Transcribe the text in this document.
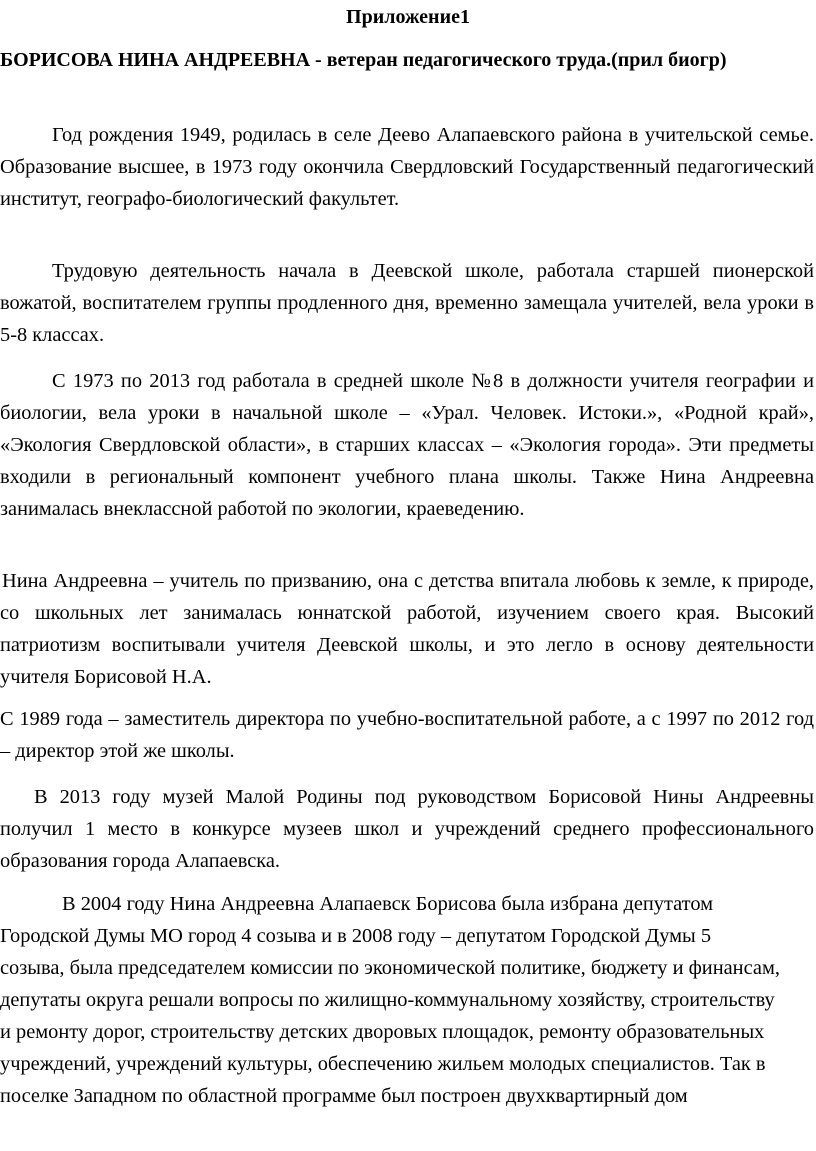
Приложение1

БОРИСОВА НИНА АНДРЕЕВНА - ветеран педагогического труда.(прил биогр)

Год рождения 1949, родилась в селе Деево Алапаевского района в учительской семье. Образование высшее, в 1973 году окончила Свердловский Государственный педагогический институт, географо-биологический факультет.

Трудовую деятельность начала в Деевской школе, работала старшей пионерской вожатой, воспитателем группы продленного дня, временно замещала учителей, вела уроки в 5-8 классах.

С 1973 по 2013 год работала в средней школе №8 в должности учителя географии и биологии, вела уроки в начальной школе – «Урал. Человек. Истоки.», «Родной край», «Экология Свердловской области», в старших классах – «Экология города». Эти предметы входили в региональный компонент учебного плана школы. Также Нина Андреевна занималась внеклассной работой по экологии, краеведению.

Нина Андреевна – учитель по призванию, она с детства впитала любовь к земле, к природе, со школьных лет занималась юннатской работой, изучением своего края. Высокий патриотизм воспитывали учителя Деевской школы, и это легло в основу деятельности учителя Борисовой Н.А.

С 1989 года – заместитель директора по учебно-воспитательной работе, а с 1997 по 2012 год – директор этой же школы.

В 2013 году музей Малой Родины под руководством Борисовой Нины Андреевны получил 1 место в конкурсе музеев школ и учреждений среднего профессионального образования города Алапаевска.

В 2004 году Нина Андреевна Алапаевск Борисова была избрана депутатом Городской Думы МО город 4 созыва и в 2008 году – депутатом Городской Думы 5 созыва, была председателем комиссии по экономической политике, бюджету и финансам, депутаты округа решали вопросы по жилищно-коммунальному хозяйству, строительству и ремонту дорог, строительству детских дворовых площадок, ремонту образовательных учреждений, учреждений культуры, обеспечению жильем молодых специалистов. Так в поселке Западном по областной программе был построен двухквартирный дом
